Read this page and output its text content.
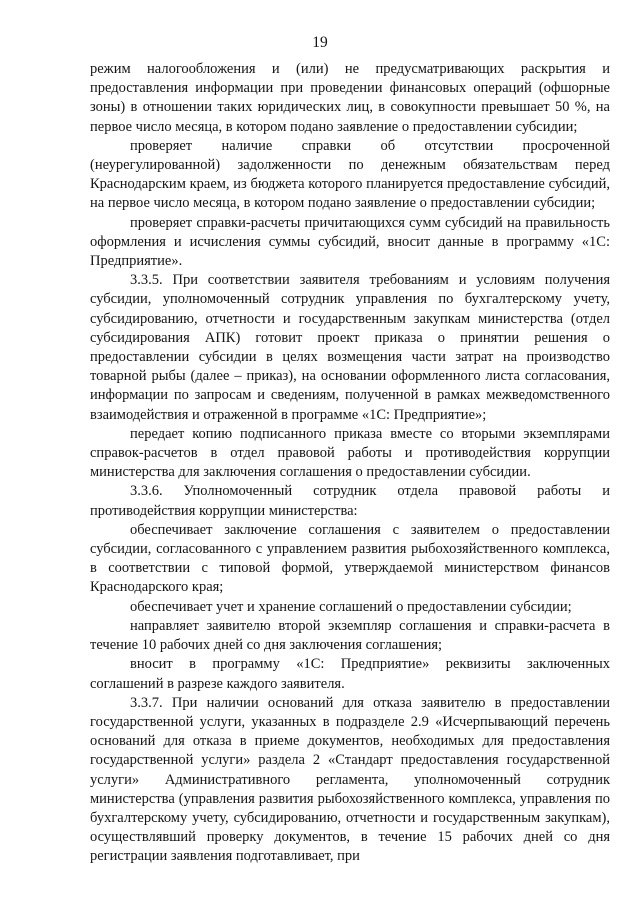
19

режим налогообложения и (или) не предусматривающих раскрытия и предоставления информации при проведении финансовых операций (офшорные зоны) в отношении таких юридических лиц, в совокупности превышает 50 %, на первое число месяца, в котором подано заявление о предоставлении субсидии;

проверяет наличие справки об отсутствии просроченной (неурегулированной) задолженности по денежным обязательствам перед Краснодарским краем, из бюджета которого планируется предоставление субсидий, на первое число месяца, в котором подано заявление о предоставлении субсидии;

проверяет справки-расчеты причитающихся сумм субсидий на правильность оформления и исчисления суммы субсидий, вносит данные в программу «1С: Предприятие».

3.3.5. При соответствии заявителя требованиям и условиям получения субсидии, уполномоченный сотрудник управления по бухгалтерскому учету, субсидированию, отчетности и государственным закупкам министерства (отдел субсидирования АПК) готовит проект приказа о принятии решения о предоставлении субсидии в целях возмещения части затрат на производство товарной рыбы (далее – приказ), на основании оформленного листа согласования, информации по запросам и сведениям, полученной в рамках межведомственного взаимодействия и отраженной в программе «1С: Предприятие»;

передает копию подписанного приказа вместе со вторыми экземплярами справок-расчетов в отдел правовой работы и противодействия коррупции министерства для заключения соглашения о предоставлении субсидии.

3.3.6. Уполномоченный сотрудник отдела правовой работы и противодействия коррупции министерства:

обеспечивает заключение соглашения с заявителем о предоставлении субсидии, согласованного с управлением развития рыбохозяйственного комплекса, в соответствии с типовой формой, утверждаемой министерством финансов Краснодарского края;

обеспечивает учет и хранение соглашений о предоставлении субсидии;

направляет заявителю второй экземпляр соглашения и справки-расчета в течение 10 рабочих дней со дня заключения соглашения;

вносит в программу «1С: Предприятие» реквизиты заключенных соглашений в разрезе каждого заявителя.

3.3.7. При наличии оснований для отказа заявителю в предоставлении государственной услуги, указанных в подразделе 2.9 «Исчерпывающий перечень оснований для отказа в приеме документов, необходимых для предоставления государственной услуги» раздела 2 «Стандарт предоставления государственной услуги» Административного регламента, уполномоченный сотрудник министерства (управления развития рыбохозяйственного комплекса, управления по бухгалтерскому учету, субсидированию, отчетности и государственным закупкам), осуществлявший проверку документов, в течение 15 рабочих дней со дня регистрации заявления подготавливает, при
